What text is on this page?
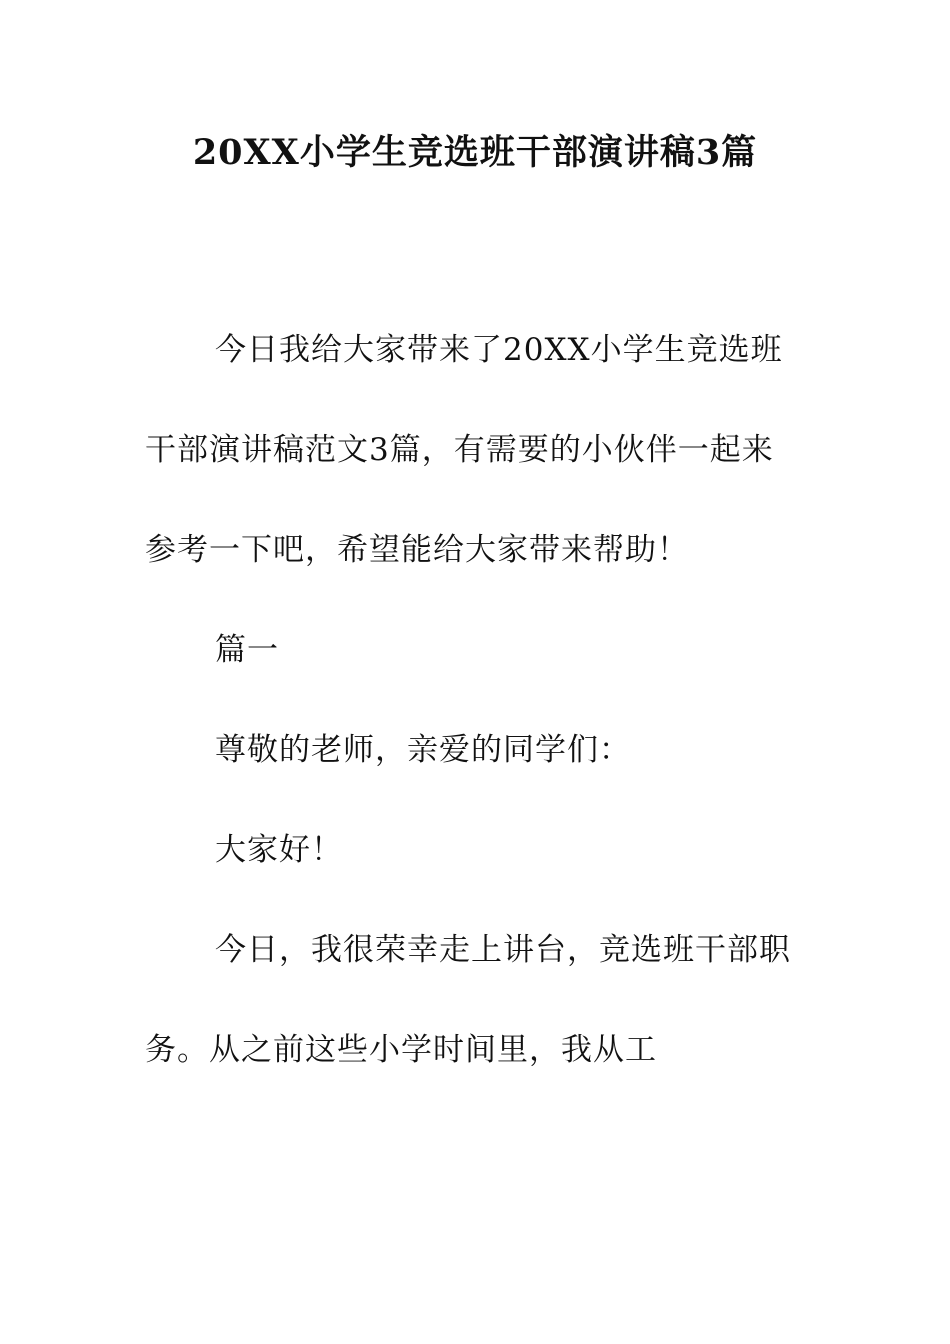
20XX小学生竞选班干部演讲稿3篇

今日我给大家带来了20XX小学生竞选班干部演讲稿范文3篇，有需要的小伙伴一起来参考一下吧，希望能给大家带来帮助！

篇一

尊敬的老师，亲爱的同学们：

大家好！

今日，我很荣幸走上讲台，竞选班干部职务。从之前这些小学时间里，我从工
